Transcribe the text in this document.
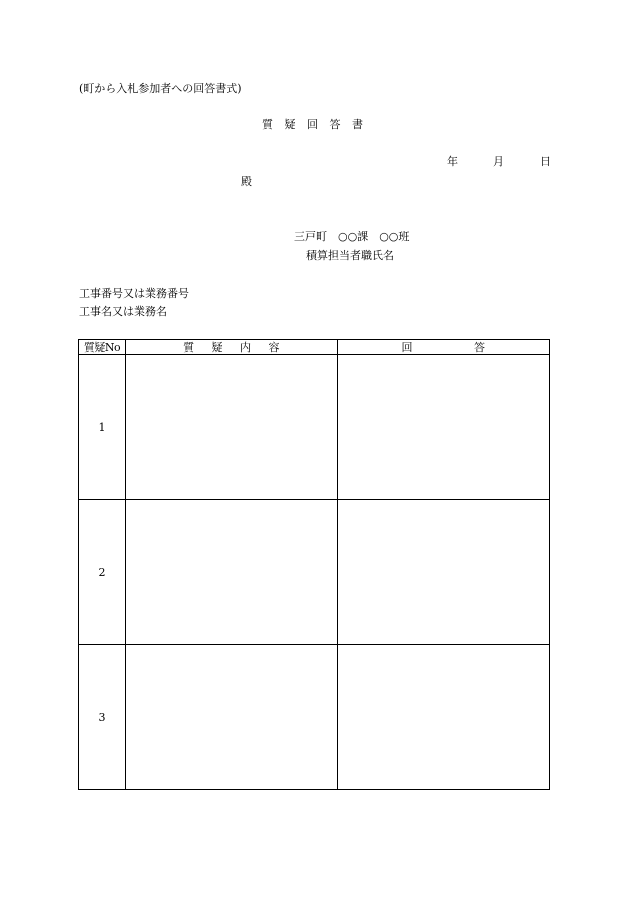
(町から入札参加者への回答書式)
質 疑 回 答 書
年	月	日
殿
三戸町　○○課　○○班
積算担当者職氏名
工事番号又は業務番号
工事名又は業務名
質疑No	質 疑 内 容	回 答
1		
2		
3		
